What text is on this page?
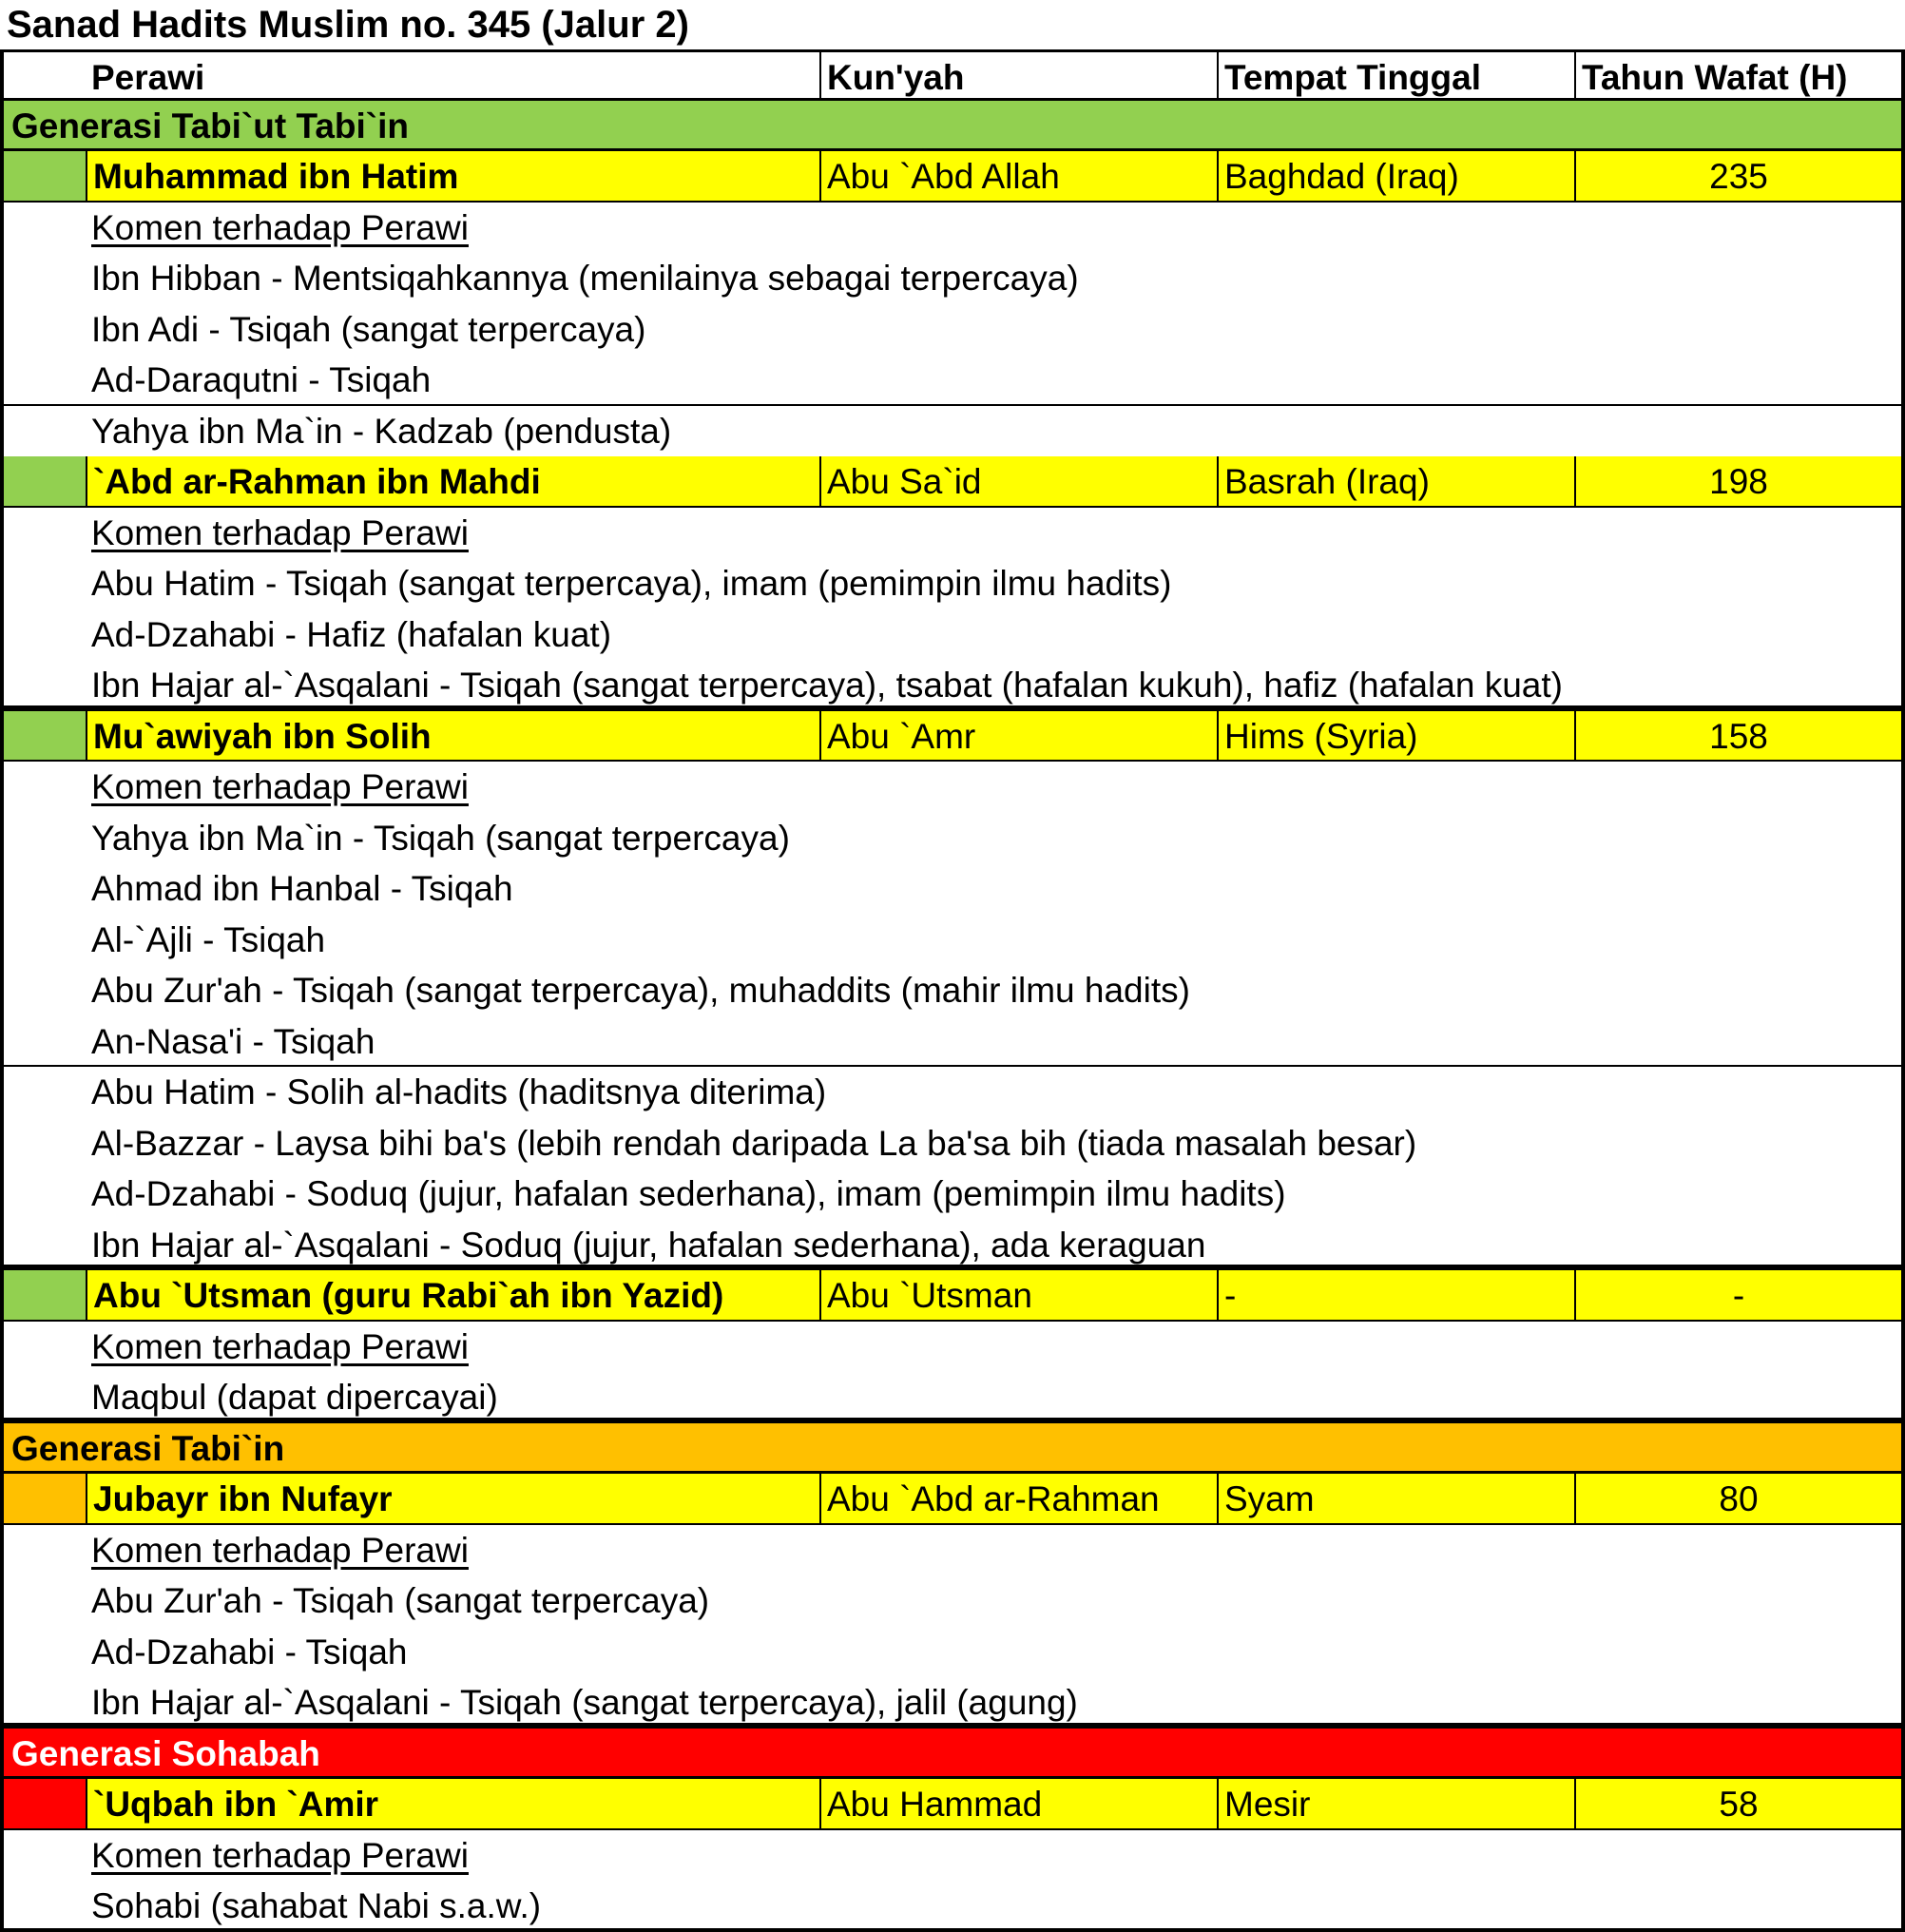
Sanad Hadits Muslim no. 345 (Jalur 2)
Perawi	Kun'yah	Tempat Tinggal	Tahun Wafat (H)
Generasi Tabi`ut Tabi`in
Muhammad ibn Hatim	Abu `Abd Allah	Baghdad (Iraq)	235
Komen terhadap Perawi
Ibn Hibban - Mentsiqahkannya (menilainya sebagai terpercaya)
Ibn Adi - Tsiqah (sangat terpercaya)
Ad-Daraqutni - Tsiqah
Yahya ibn Ma`in - Kadzab (pendusta)
`Abd ar-Rahman ibn Mahdi	Abu Sa`id	Basrah (Iraq)	198
Komen terhadap Perawi
Abu Hatim - Tsiqah (sangat terpercaya), imam (pemimpin ilmu hadits)
Ad-Dzahabi - Hafiz (hafalan kuat)
Ibn Hajar al-`Asqalani - Tsiqah (sangat terpercaya), tsabat (hafalan kukuh), hafiz (hafalan kuat)
Mu`awiyah ibn Solih	Abu `Amr	Hims (Syria)	158
Komen terhadap Perawi
Yahya ibn Ma`in - Tsiqah (sangat terpercaya)
Ahmad ibn Hanbal - Tsiqah
Al-`Ajli - Tsiqah
Abu Zur'ah - Tsiqah (sangat terpercaya), muhaddits (mahir ilmu hadits)
An-Nasa'i - Tsiqah
Abu Hatim - Solih al-hadits (haditsnya diterima)
Al-Bazzar - Laysa bihi ba's (lebih rendah daripada La ba'sa bih (tiada masalah besar)
Ad-Dzahabi - Soduq (jujur, hafalan sederhana), imam (pemimpin ilmu hadits)
Ibn Hajar al-`Asqalani - Soduq (jujur, hafalan sederhana), ada keraguan
Abu `Utsman (guru Rabi`ah ibn Yazid)	Abu `Utsman	-	-
Komen terhadap Perawi
Maqbul (dapat dipercayai)
Generasi Tabi`in
Jubayr ibn Nufayr	Abu `Abd ar-Rahman	Syam	80
Komen terhadap Perawi
Abu Zur'ah - Tsiqah (sangat terpercaya)
Ad-Dzahabi - Tsiqah
Ibn Hajar al-`Asqalani - Tsiqah (sangat terpercaya), jalil (agung)
Generasi Sohabah
`Uqbah ibn `Amir	Abu Hammad	Mesir	58
Komen terhadap Perawi
Sohabi (sahabat Nabi s.a.w.)
